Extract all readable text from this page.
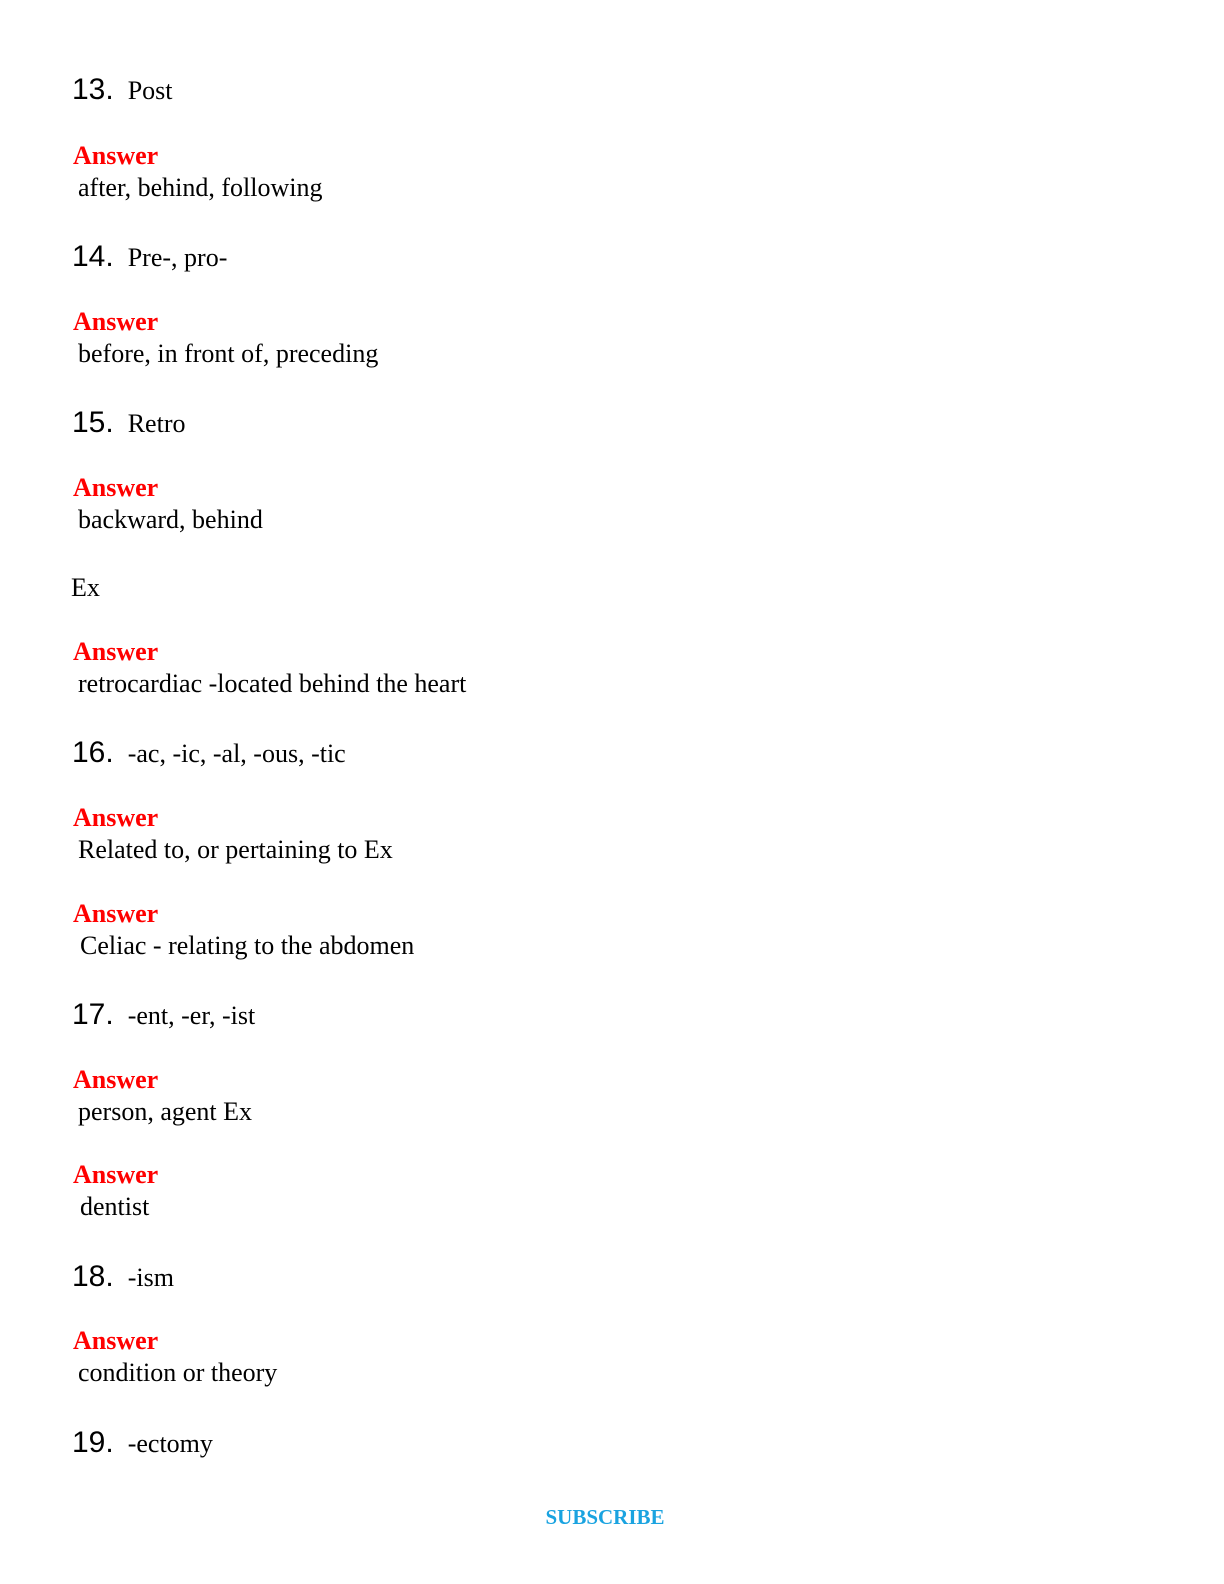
13. Post
Answer
after, behind, following
14. Pre-, pro-
Answer
before, in front of, preceding
15. Retro
Answer
backward, behind
Ex
Answer
retrocardiac -located behind the heart
16. -ac, -ic, -al, -ous, -tic
Answer
Related to, or pertaining to Ex
Answer
Celiac - relating to the abdomen
17. -ent, -er, -ist
Answer
person, agent Ex
Answer
dentist
18. -ism
Answer
condition or theory
19. -ectomy
SUBSCRIBE
